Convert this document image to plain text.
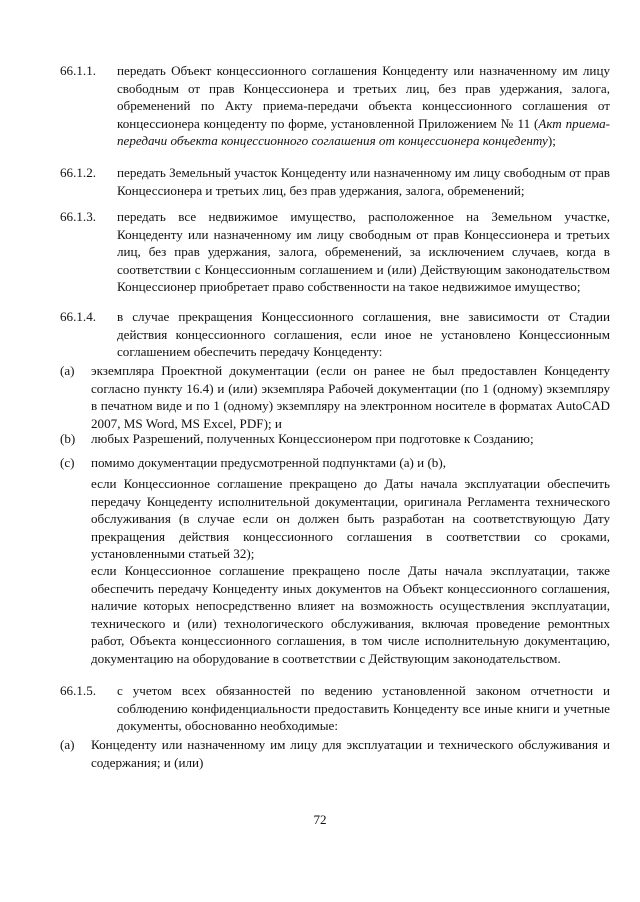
66.1.1. передать Объект концессионного соглашения Концеденту или назначенному им лицу свободным от прав Концессионера и третьих лиц, без прав удержания, залога, обременений по Акту приема-передачи объекта концессионного соглашения от концессионера концеденту по форме, установленной Приложением № 11 (Акт приема-передачи объекта концессионного соглашения от концессионера концеденту);
66.1.2. передать Земельный участок Концеденту или назначенному им лицу свободным от прав Концессионера и третьих лиц, без прав удержания, залога, обременений;
66.1.3. передать все недвижимое имущество, расположенное на Земельном участке, Концеденту или назначенному им лицу свободным от прав Концессионера и третьих лиц, без прав удержания, залога, обременений, за исключением случаев, когда в соответствии с Концессионным соглашением и (или) Действующим законодательством Концессионер приобретает право собственности на такое недвижимое имущество;
66.1.4. в случае прекращения Концессионного соглашения, вне зависимости от Стадии действия концессионного соглашения, если иное не установлено Концессионным соглашением обеспечить передачу Концеденту:
(a) экземпляра Проектной документации (если он ранее не был предоставлен Концеденту согласно пункту 16.4) и (или) экземпляра Рабочей документации (по 1 (одному) экземпляру в печатном виде и по 1 (одному) экземпляру на электронном носителе в форматах AutoCAD 2007, MS Word, MS Excel, PDF); и
(b) любых Разрешений, полученных Концессионером при подготовке к Созданию;
(c) помимо документации предусмотренной подпунктами (а) и (b),
если Концессионное соглашение прекращено до Даты начала эксплуатации обеспечить передачу Концеденту исполнительной документации, оригинала Регламента технического обслуживания (в случае если он должен быть разработан на соответствующую Дату прекращения действия концессионного соглашения в соответствии со сроками, установленными статьей 32);
если Концессионное соглашение прекращено после Даты начала эксплуатации, также обеспечить передачу Концеденту иных документов на Объект концессионного соглашения, наличие которых непосредственно влияет на возможность осуществления эксплуатации, технического и (или) технологического обслуживания, включая проведение ремонтных работ, Объекта концессионного соглашения, в том числе исполнительную документацию, документацию на оборудование в соответствии с Действующим законодательством.
66.1.5. с учетом всех обязанностей по ведению установленной законом отчетности и соблюдению конфиденциальности предоставить Концеденту все иные книги и учетные документы, обоснованно необходимые:
(a) Концеденту или назначенному им лицу для эксплуатации и технического обслуживания и содержания; и (или)
72
